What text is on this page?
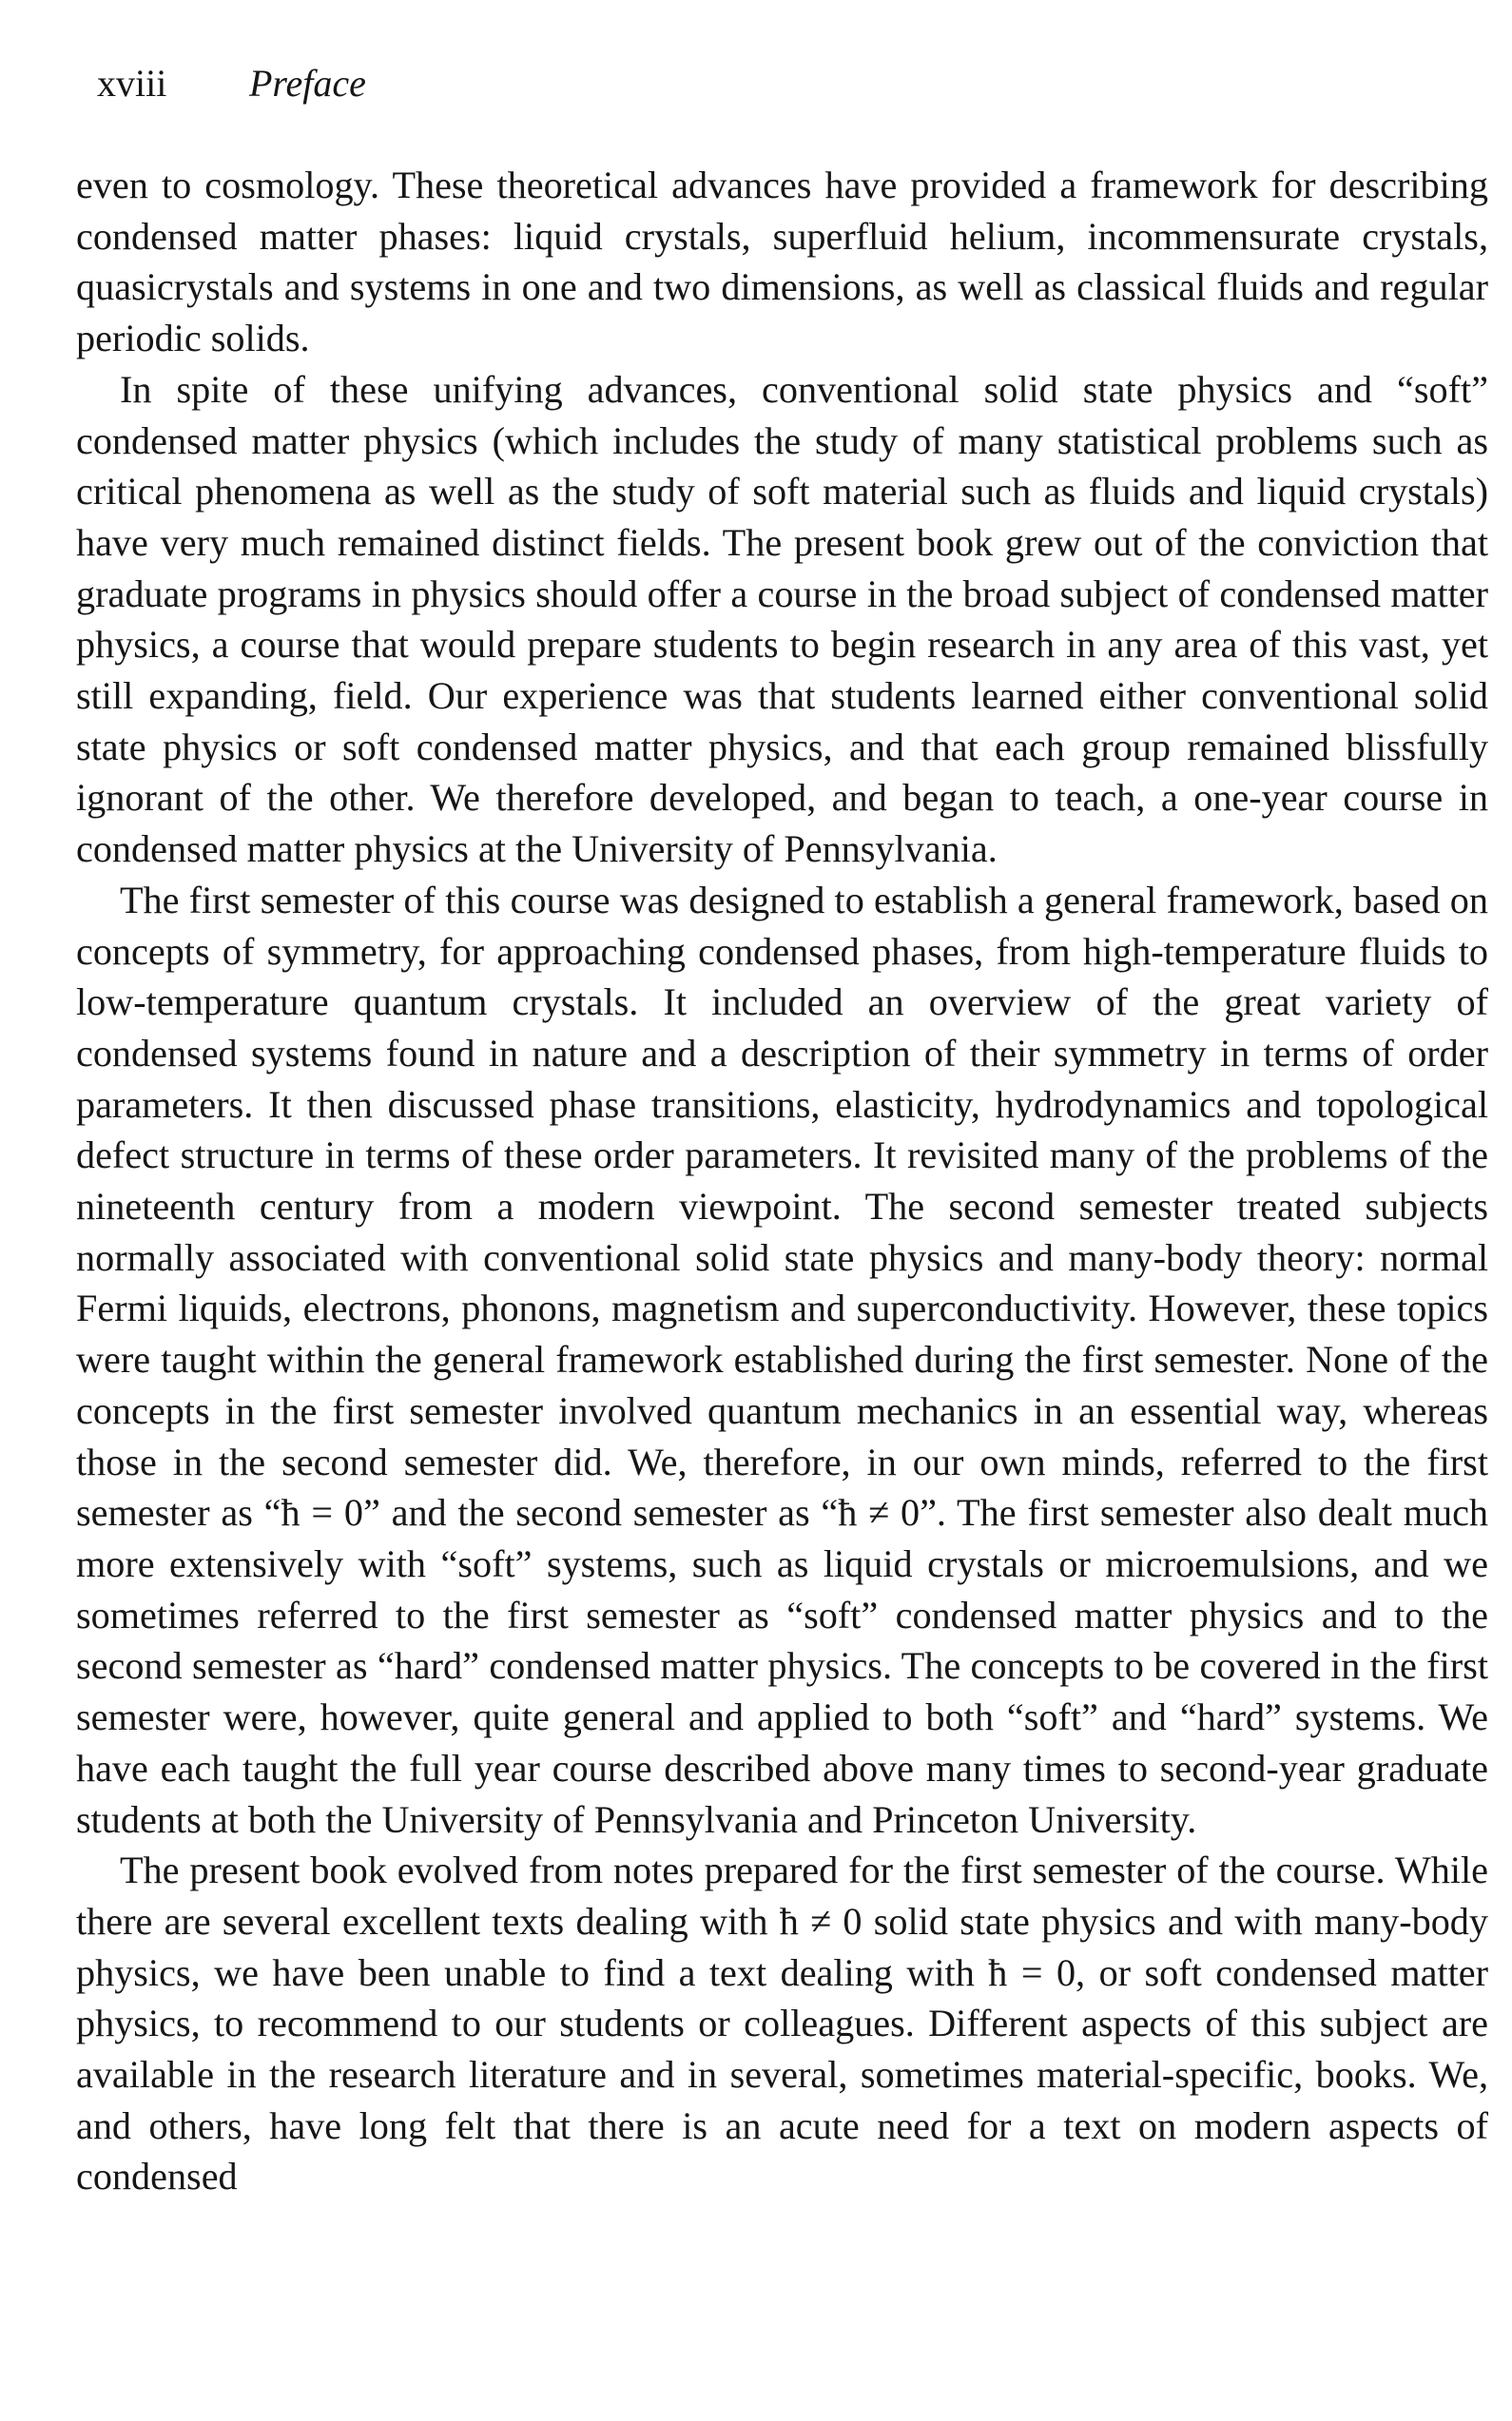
xviii Preface

even to cosmology. These theoretical advances have provided a framework for describing condensed matter phases: liquid crystals, superfluid helium, incommensurate crystals, quasicrystals and systems in one and two dimensions, as well as classical fluids and regular periodic solids.

In spite of these unifying advances, conventional solid state physics and “soft” condensed matter physics (which includes the study of many statistical problems such as critical phenomena as well as the study of soft material such as fluids and liquid crystals) have very much remained distinct fields. The present book grew out of the conviction that graduate programs in physics should offer a course in the broad subject of condensed matter physics, a course that would prepare students to begin research in any area of this vast, yet still expanding, field. Our experience was that students learned either conventional solid state physics or soft condensed matter physics, and that each group remained blissfully ignorant of the other. We therefore developed, and began to teach, a one-year course in condensed matter physics at the University of Pennsylvania.

The first semester of this course was designed to establish a general framework, based on concepts of symmetry, for approaching condensed phases, from high-temperature fluids to low-temperature quantum crystals. It included an overview of the great variety of condensed systems found in nature and a description of their symmetry in terms of order parameters. It then discussed phase transitions, elasticity, hydrodynamics and topological defect structure in terms of these order parameters. It revisited many of the problems of the nineteenth century from a modern viewpoint. The second semester treated subjects normally associated with conventional solid state physics and many-body theory: normal Fermi liquids, electrons, phonons, magnetism and superconductivity. However, these topics were taught within the general framework established during the first semester. None of the concepts in the first semester involved quantum mechanics in an essential way, whereas those in the second semester did. We, therefore, in our own minds, referred to the first semester as “ħ = 0” and the second semester as “ħ ≠ 0”. The first semester also dealt much more extensively with “soft” systems, such as liquid crystals or microemulsions, and we sometimes referred to the first semester as “soft” condensed matter physics and to the second semester as “hard” condensed matter physics. The concepts to be covered in the first semester were, however, quite general and applied to both “soft” and “hard” systems. We have each taught the full year course described above many times to second-year graduate students at both the University of Pennsylvania and Princeton University.

The present book evolved from notes prepared for the first semester of the course. While there are several excellent texts dealing with ħ ≠ 0 solid state physics and with many-body physics, we have been unable to find a text dealing with ħ = 0, or soft condensed matter physics, to recommend to our students or colleagues. Different aspects of this subject are available in the research literature and in several, sometimes material-specific, books. We, and others, have long felt that there is an acute need for a text on modern aspects of condensed
